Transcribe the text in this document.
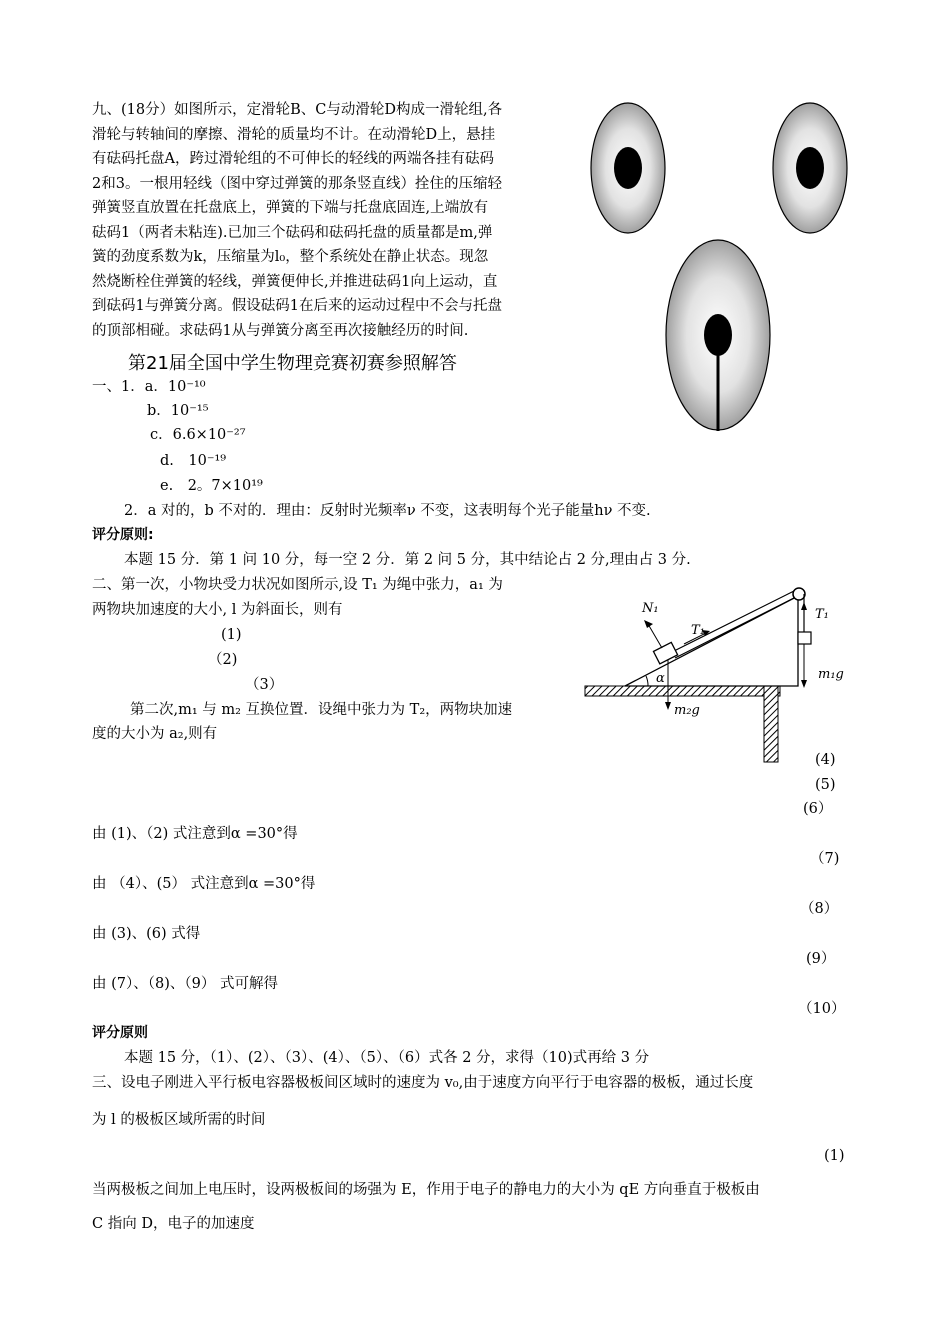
九、(18分）如图所示，定滑轮B、C与动滑轮D构成一滑轮组,各
滑轮与转轴间的摩擦、滑轮的质量均不计。在动滑轮D上，悬挂
有砝码托盘A，跨过滑轮组的不可伸长的轻线的两端各挂有砝码
2和3。一根用轻线（图中穿过弹簧的那条竖直线）拴住的压缩轻
弹簧竖直放置在托盘底上，弹簧的下端与托盘底固连,上端放有
砝码1（两者未粘连).已加三个砝码和砝码托盘的质量都是m,弹
簧的劲度系数为k，压缩量为l₀，整个系统处在静止状态。现忽
然烧断栓住弹簧的轻线，弹簧便伸长,并推进砝码1向上运动，直
到砝码1与弹簧分离。假设砝码1在后来的运动过程中不会与托盘
的顶部相碰。求砝码1从与弹簧分离至再次接触经历的时间.
第21届全国中学生物理竞赛初赛参照解答
一、1．a．10⁻¹⁰
b．10⁻¹⁵
c．6.6×10⁻²⁷
d.　10⁻¹⁹
e.　2。7×10¹⁹
2．a 对的，b 不对的．理由：反射时光频率ν 不变，这表明每个光子能量hν 不变.
评分原则:
本题 15 分．第 1 问 10 分，每一空 2 分．第 2 问 5 分，其中结论占 2 分,理由占 3 分.
二、第一次，小物块受力状况如图所示,设 T₁ 为绳中张力，a₁ 为
两物块加速度的大小, l 为斜面长，则有
(1)
（2)
（3）
第二次,m₁ 与 m₂ 互换位置．设绳中张力为 T₂，两物块加速
度的大小为 a₂,则有
(4)
(5)
(6）
由 (1)、（2) 式注意到α =30°得
（7)
由 （4）、(5） 式注意到α =30°得
（8）
由 (3)、(6) 式得
(9）
由 (7）、（8)、（9） 式可解得
（10）
评分原则
本题 15 分，（1）、(2）、（3）、(4）、（5）、（6）式各 2 分，求得（10)式再给 3 分
三、设电子刚进入平行板电容器极板间区域时的速度为 v₀,由于速度方向平行于电容器的极板，通过长度
为 l 的极板区域所需的时间
(1)
当两极板之间加上电压时，设两极板间的场强为 E，作用于电子的静电力的大小为 qE 方向垂直于极板由
C 指向 D，电子的加速度
N₁
T₁
T₁
α	m₁g
m₂g
